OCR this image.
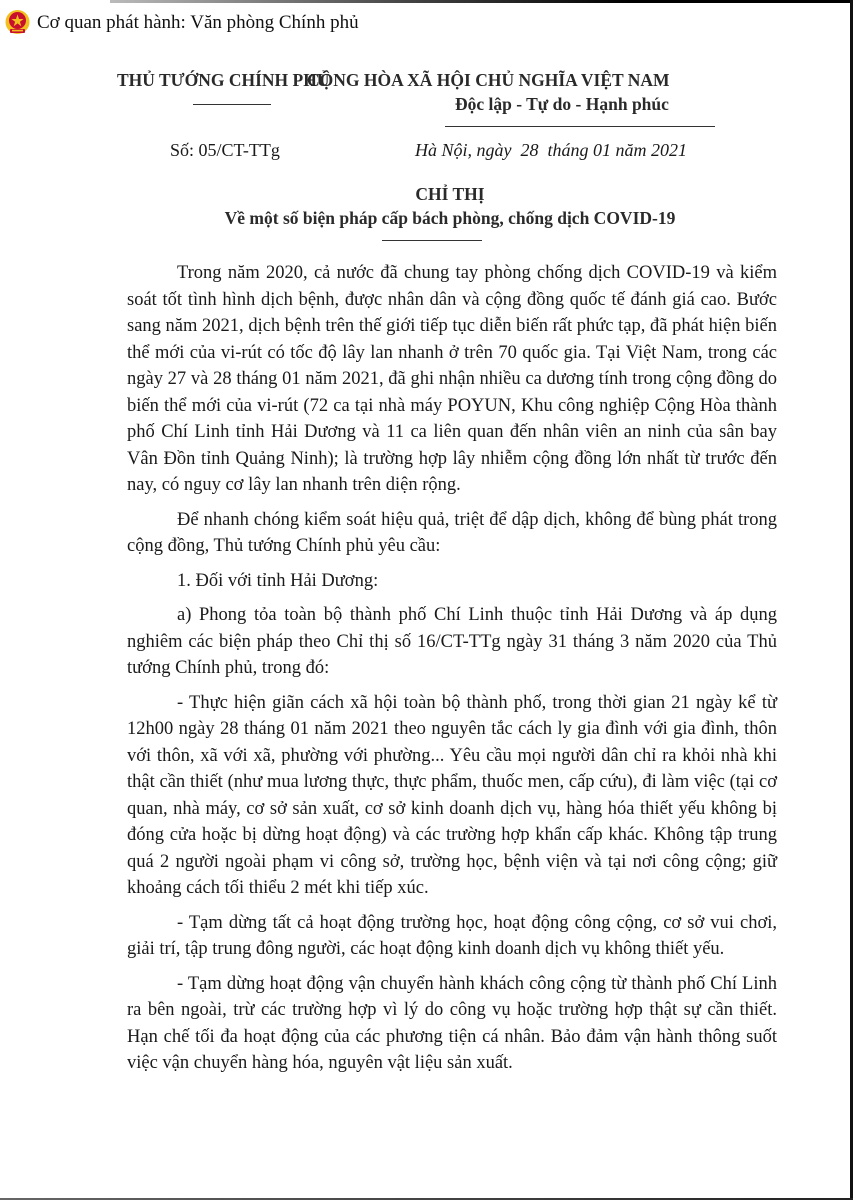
Cơ quan phát hành: Văn phòng Chính phủ
THỦ TƯỚNG CHÍNH PHỦ
CỘNG HÒA XÃ HỘI CHỦ NGHĨA VIỆT NAM
Độc lập - Tự do - Hạnh phúc
Số: 05/CT-TTg	Hà Nội, ngày  28  tháng 01 năm 2021
CHỈ THỊ
Về một số biện pháp cấp bách phòng, chống dịch COVID-19

Trong năm 2020, cả nước đã chung tay phòng chống dịch COVID-19 và kiểm soát tốt tình hình dịch bệnh, được nhân dân và cộng đồng quốc tế đánh giá cao. Bước sang năm 2021, dịch bệnh trên thế giới tiếp tục diễn biến rất phức tạp, đã phát hiện biến thể mới của vi-rút có tốc độ lây lan nhanh ở trên 70 quốc gia. Tại Việt Nam, trong các ngày 27 và 28 tháng 01 năm 2021, đã ghi nhận nhiều ca dương tính trong cộng đồng do biến thể mới của vi-rút (72 ca tại nhà máy POYUN, Khu công nghiệp Cộng Hòa thành phố Chí Linh tỉnh Hải Dương và 11 ca liên quan đến nhân viên an ninh của sân bay Vân Đồn tỉnh Quảng Ninh); là trường hợp lây nhiễm cộng đồng lớn nhất từ trước đến nay, có nguy cơ lây lan nhanh trên diện rộng.

Để nhanh chóng kiểm soát hiệu quả, triệt để dập dịch, không để bùng phát trong cộng đồng, Thủ tướng Chính phủ yêu cầu:

1. Đối với tỉnh Hải Dương:

a) Phong tỏa toàn bộ thành phố Chí Linh thuộc tỉnh Hải Dương và áp dụng nghiêm các biện pháp theo Chỉ thị số 16/CT-TTg ngày 31 tháng 3 năm 2020 của Thủ tướng Chính phủ, trong đó:

- Thực hiện giãn cách xã hội toàn bộ thành phố, trong thời gian 21 ngày kể từ 12h00 ngày 28 tháng 01 năm 2021 theo nguyên tắc cách ly gia đình với gia đình, thôn với thôn, xã với xã, phường với phường... Yêu cầu mọi người dân chỉ ra khỏi nhà khi thật cần thiết (như mua lương thực, thực phẩm, thuốc men, cấp cứu), đi làm việc (tại cơ quan, nhà máy, cơ sở sản xuất, cơ sở kinh doanh dịch vụ, hàng hóa thiết yếu không bị đóng cửa hoặc bị dừng hoạt động) và các trường hợp khẩn cấp khác. Không tập trung quá 2 người ngoài phạm vi công sở, trường học, bệnh viện và tại nơi công cộng; giữ khoảng cách tối thiểu 2 mét khi tiếp xúc.

- Tạm dừng tất cả hoạt động trường học, hoạt động công cộng, cơ sở vui chơi, giải trí, tập trung đông người, các hoạt động kinh doanh dịch vụ không thiết yếu.

- Tạm dừng hoạt động vận chuyển hành khách công cộng từ thành phố Chí Linh ra bên ngoài, trừ các trường hợp vì lý do công vụ hoặc trường hợp thật sự cần thiết. Hạn chế tối đa hoạt động của các phương tiện cá nhân. Bảo đảm vận hành thông suốt việc vận chuyển hàng hóa, nguyên vật liệu sản xuất.
